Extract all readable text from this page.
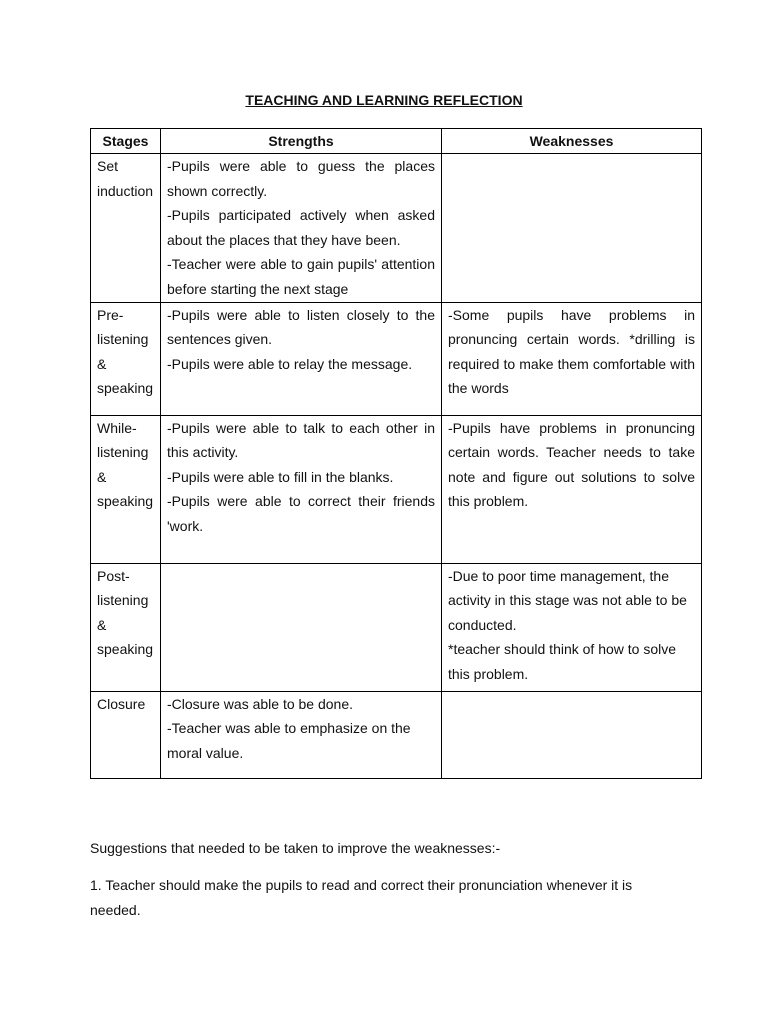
TEACHING AND LEARNING REFLECTION
Stages	Strengths	Weaknesses
Set induction	-Pupils were able to guess the places shown correctly.
-Pupils participated actively when asked about the places that they have been.
-Teacher were able to gain pupils' attention before starting the next stage	

Pre-listening & speaking	-Pupils were able to listen closely to the sentences given.
-Pupils were able to relay the message.	-Some pupils have problems in pronuncing certain words. *drilling is required to make them comfortable with the words

While-listening & speaking	-Pupils were able to talk to each other in this activity.
-Pupils were able to fill in the blanks.
-Pupils were able to correct their friends 'work.	-Pupils have problems in pronuncing certain words. Teacher needs to take note and figure out solutions to solve this problem.

Post-listening & speaking		-Due to poor time management, the activity in this stage was not able to be conducted.
*teacher should think of how to solve this problem.

Closure	-Closure was able to be done.
-Teacher was able to emphasize on the moral value.	

Suggestions that needed to be taken to improve the weaknesses:-
1. Teacher should make the pupils to read and correct their pronunciation whenever it is needed.
